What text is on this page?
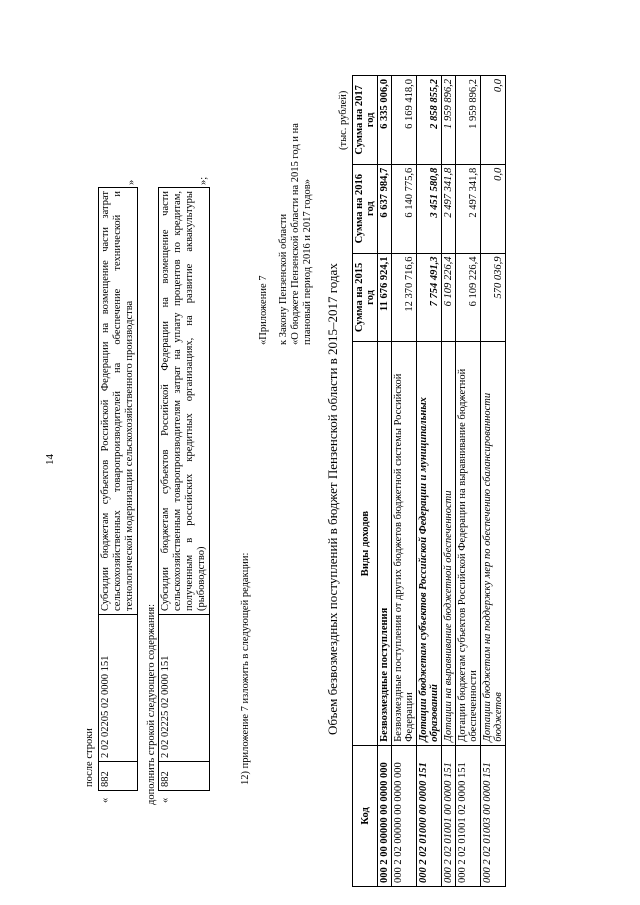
14
после строки
«	882	2 02 02205 02 0000 151	Субсидии бюджетам субъектов Российской Федерации на возмещение части затрат сельскохозяйственных товаропроизводителей на обеспечение технической и технологической модернизации сельскохозяйственного производства	»
дополнить строкой следующего содержания: «	882	2 02 02225 02 0000 151	Субсидии бюджетам субъектов Российской Федерации на возмещение части сельскохозяйственным товаропроизводителям затрат на уплату процентов по кредитам, полученным в российских кредитных организациях, на развитие аквакультуры (рыбоводство)	»;
12) приложение 7 изложить в следующей редакции:
«Приложение 7 к Закону Пензенской области «О бюджете Пензенской области на 2015 год и на плановый период 2016 и 2017 годов»
Объем безвозмездных поступлений в бюджет Пензенской области в 2015–2017 годах
(тыс. рублей)
Код	Виды доходов	Сумма на 2015 год	Сумма на 2016 год	Сумма на 2017 год
000 2 00 00000 00 0000 000	Безвозмездные поступления	11 676 924,1	6 637 984,7	6 335 006,0
000 2 02 00000 00 0000 000	Безвозмездные поступления от других бюджетов бюджетной системы Российской Федерации	12 370 716,6	6 140 775,6	6 169 418,0
000 2 02 01000 00 0000 151	Дотации бюджетам субъектов Российской Федерации и муниципальных образований	7 754 491,3	3 451 580,8	2 858 855,2
000 2 02 01001 00 0000 151	Дотации на выравнивание бюджетной обеспеченности	6 109 226,4	2 497 341,8	1 959 896,2
000 2 02 01001 02 0000 151	Дотации бюджетам субъектов Российской Федерации на выравнивание бюджетной обеспеченности	6 109 226,4	2 497 341,8	1 959 896,2
000 2 02 01003 00 0000 151	Дотации бюджетам на поддержку мер по обеспечению сбалансированности бюджетов	570 036,9	0,0	0,0
